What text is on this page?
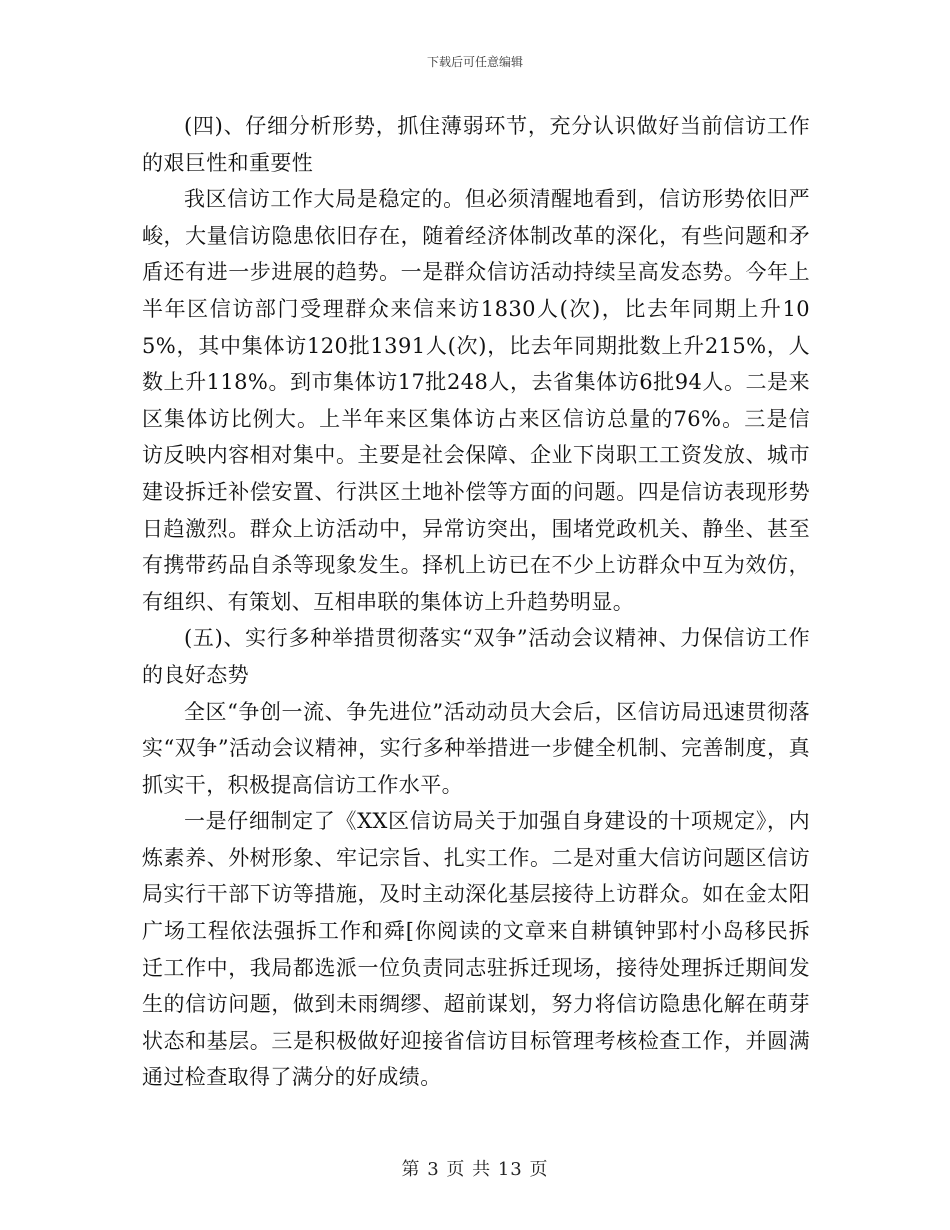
下载后可任意编辑

(四)、仔细分析形势，抓住薄弱环节，充分认识做好当前信访工作的艰巨性和重要性

我区信访工作大局是稳定的。但必须清醒地看到，信访形势依旧严峻，大量信访隐患依旧存在，随着经济体制改革的深化，有些问题和矛盾还有进一步进展的趋势。一是群众信访活动持续呈高发态势。今年上半年区信访部门受理群众来信来访1830人(次)，比去年同期上升105%，其中集体访120批1391人(次)，比去年同期批数上升215%，人数上升118%。到市集体访17批248人，去省集体访6批94人。二是来区集体访比例大。上半年来区集体访占来区信访总量的76%。三是信访反映内容相对集中。主要是社会保障、企业下岗职工工资发放、城市建设拆迁补偿安置、行洪区土地补偿等方面的问题。四是信访表现形势日趋激烈。群众上访活动中，异常访突出，围堵党政机关、静坐、甚至有携带药品自杀等现象发生。择机上访已在不少上访群众中互为效仿，有组织、有策划、互相串联的集体访上升趋势明显。

(五)、实行多种举措贯彻落实“双争”活动会议精神、力保信访工作的良好态势

全区“争创一流、争先进位”活动动员大会后，区信访局迅速贯彻落实“双争”活动会议精神，实行多种举措进一步健全机制、完善制度，真抓实干，积极提高信访工作水平。

一是仔细制定了《XX区信访局关于加强自身建设的十项规定》，内炼素养、外树形象、牢记宗旨、扎实工作。二是对重大信访问题区信访局实行干部下访等措施，及时主动深化基层接待上访群众。如在金太阳广场工程依法强拆工作和舜[你阅读的文章来自耕镇钟郢村小岛移民拆迁工作中，我局都选派一位负责同志驻拆迁现场，接待处理拆迁期间发生的信访问题，做到未雨绸缪、超前谋划，努力将信访隐患化解在萌芽状态和基层。三是积极做好迎接省信访目标管理考核检查工作，并圆满通过检查取得了满分的好成绩。

第 3 页 共 13 页
